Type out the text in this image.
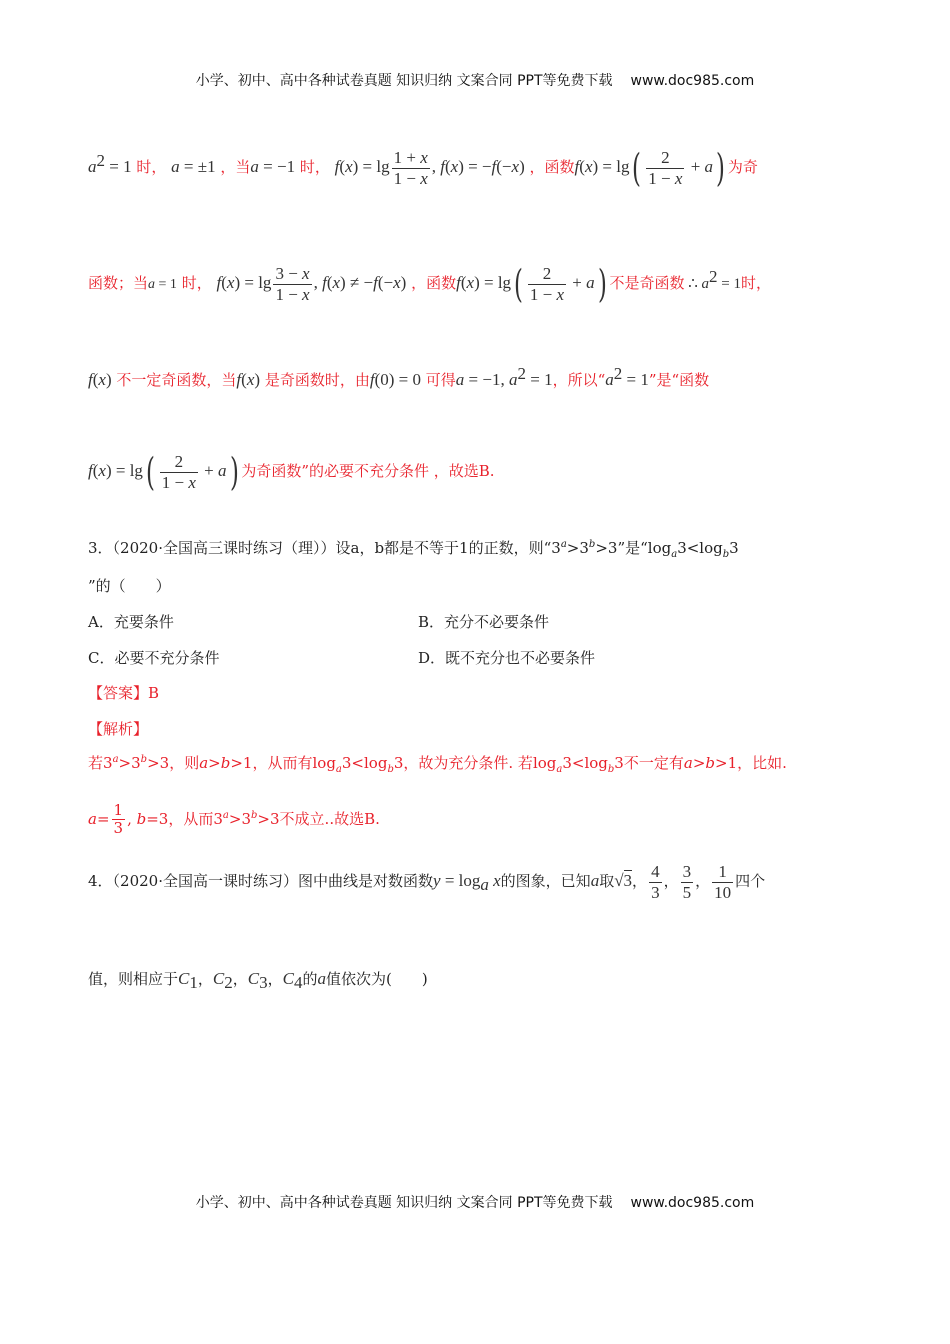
小学、初中、高中各种试卷真题 知识归纳 文案合同 PPT等免费下载 www.doc985.com
$a^2 = 1$ 时， a = ±1 ，当a = −1 时， $f(x) = \lg \frac{1 + x}{1 - x}$ , f(x) = −f(−x) ，函数$f(x) = \lg( \frac{2}{1 - x} + a)$ 为奇
函数；当a = 1 时， $f(x) = \lg \frac{3 - x}{1 - x}$ , f(x) ≠ −f(−x) ，函数$f(x) = \lg( \frac{2}{1 - x} + a)$ 不是奇函数 ∴ $a^2 = 1$时，
f(x) 不一定奇函数，当f(x) 是奇函数时，由f(0) = 0 可得a = −1, $a^2 = 1$，所以“$a^2 = 1$”是“函数
$f(x) = \lg( \frac{2}{1 - x} + a)$ 为奇函数”的必要不充分条件 ，故选B.
3．（2020·全国高三课时练习（理））设a，b都是不等于1的正数，则“$3^a>3^b>3$”是“$\log_a3<\log_b3$
”的（　　）
A．充要条件	B．充分不必要条件
C．必要不充分条件	D．既不充分也不必要条件
【答案】B
【解析】
若$3^a>3^b>3$，则a>b>1，从而有$\log_a3<\log_b3$，故为充分条件. 若$\log_a3<\log_b3$不一定有a>b>1，比如.
$a= \frac{1}{3}$ , b=3，从而$3^a>3^b>3$不成立..故选B.
4．（2020·全国高一课时练习）图中曲线是对数函数$y = \log_a x$的图象，已知a取√3， $\frac{4}{3}$ ， $\frac{3}{5}$ ， $\frac{1}{10}$ 四个
值，则相应于$C_1$，$C_2$，$C_3$，$C_4$的a值依次为(　　)
小学、初中、高中各种试卷真题 知识归纳 文案合同 PPT等免费下载 www.doc985.com
